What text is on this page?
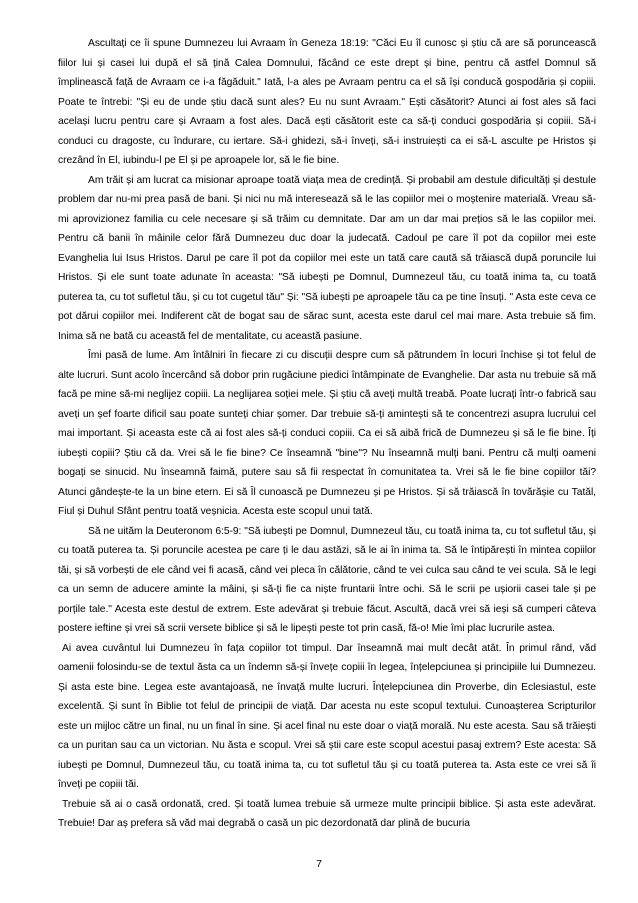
Ascultați ce îi spune Dumnezeu lui Avraam în Geneza 18:19: "Căci Eu îl cunosc și știu că are să poruncească fiilor lui și casei lui după el să țină Calea Domnului, făcând ce este drept și bine, pentru că astfel Domnul să împlinească față de Avraam ce i-a făgăduit." Iată, l-a ales pe Avraam pentru ca el să își conducă gospodăria și copiii. Poate te întrebi: "Și eu de unde știu dacă sunt ales? Eu nu sunt Avraam." Ești căsătorit? Atunci ai fost ales să faci același lucru pentru care și Avraam a fost ales. Dacă ești căsătorit este ca să-ți conduci gospodăria și copiii. Să-i conduci cu dragoste, cu îndurare, cu iertare. Să-i ghidezi, să-i înveți, să-i instruiești ca ei să-L asculte pe Hristos și crezând în El, iubindu-l pe El și pe aproapele lor, să le fie bine.

Am trăit și am lucrat ca misionar aproape toată viața mea de credință. Și probabil am destule dificultăți și destule problem dar nu-mi prea pasă de bani. Și nici nu mă interesează să le las copiilor mei o moștenire materială. Vreau să-mi aprovizionez familia cu cele necesare și să trăim cu demnitate. Dar am un dar mai prețios să le las copiilor mei. Pentru că banii în mâinile celor fără Dumnezeu duc doar la judecată. Cadoul pe care îl pot da copiilor mei este Evanghelia lui Isus Hristos. Darul pe care îl pot da copiilor mei este un tată care caută să trăiască după poruncile lui Hristos. Și ele sunt toate adunate în aceasta: "Să iubești pe Domnul, Dumnezeul tău, cu toată inima ta, cu toată puterea ta, cu tot sufletul tău, și cu tot cugetul tău" Și: "Să iubești pe aproapele tău ca pe tine însuți. " Asta este ceva ce pot dărui copiilor mei. Indiferent căt de bogat sau de sărac sunt, acesta este darul cel mai mare. Asta trebuie să fim. Inima să ne bată cu această fel de mentalitate, cu această pasiune.

Îmi pasă de lume. Am întâlniri în fiecare zi cu discuții despre cum să pătrundem în locuri închise și tot felul de alte lucruri. Sunt acolo încercând să dobor prin rugăciune piedici întâmpinate de Evanghelie. Dar asta nu trebuie să mă facă pe mine să-mi neglijez copiii. La neglijarea soției mele. Și știu că aveți multă treabă. Poate lucrați într-o fabrică sau aveți un șef foarte dificil sau poate sunteți chiar șomer. Dar trebuie să-ți amintești să te concentrezi asupra lucrului cel mai important. Și aceasta este că ai fost ales să-ți conduci copiii. Ca ei să aibă frică de Dumnezeu și să le fie bine. Îți iubești copiii? Știu că da. Vrei să le fie bine? Ce înseamnă "bine"? Nu înseamnă mulți bani. Pentru că mulți oameni bogați se sinucid. Nu înseamnă faimă, putere sau să fii respectat în comunitatea ta. Vrei să le fie bine copiilor tăi? Atunci gândește-te la un bine etern. Ei să Îl cunoască pe Dumnezeu și pe Hristos. Și să trăiască în tovărășie cu Tatăl, Fiul și Duhul Sfânt pentru toată veșnicia. Acesta este scopul unui tată.

Să ne uităm la Deuteronom 6:5-9: "Să iubești pe Domnul, Dumnezeul tău, cu toată inima ta, cu tot sufletul tău, și cu toată puterea ta. Și poruncile acestea pe care ți le dau astăzi, să le ai în inima ta. Să le întipărești în mintea copiilor tăi, și să vorbești de ele când vei fi acasă, când vei pleca în călătorie, când te vei culca sau când te vei scula. Să le legi ca un semn de aducere aminte la mâini, și să-ți fie ca niște fruntarii între ochi. Să le scrii pe ușiorii casei tale și pe porțile tale." Acesta este destul de extrem. Este adevărat și trebuie făcut. Ascultă, dacă vrei să ieși să cumperi câteva postere ieftine și vrei să scrii versete biblice și să le lipești peste tot prin casă, fă-o! Mie îmi plac lucrurile astea.

Ai avea cuvântul lui Dumnezeu în fața copiilor tot timpul. Dar înseamnă mai mult decât atât. În primul rând, văd oamenii folosindu-se de textul ăsta ca un îndemn să-și învețe copiii în legea, înțelepciunea și principiile lui Dumnezeu. Și asta este bine. Legea este avantajoasă, ne învață multe lucruri. Înțelepciunea din Proverbe, din Eclesiastul, este excelentă. Și sunt în Biblie tot felul de principii de viață. Dar acesta nu este scopul textului. Cunoașterea Scripturilor este un mijloc către un final, nu un final în sine. Și acel final nu este doar o viață morală. Nu este acesta. Sau să trăiești ca un puritan sau ca un victorian. Nu ăsta e scopul. Vrei să știi care este scopul acestui pasaj extrem? Este acesta: Să iubești pe Domnul, Dumnezeul tău, cu toată inima ta, cu tot sufletul tău și cu toată puterea ta. Asta este ce vrei să îi înveți pe copiii tăi.

Trebuie să ai o casă ordonată, cred. Și toată lumea trebuie să urmeze multe principii biblice. Și asta este adevărat. Trebuie! Dar aș prefera să văd mai degrabă o casă un pic dezordonată dar plină de bucuria

7
